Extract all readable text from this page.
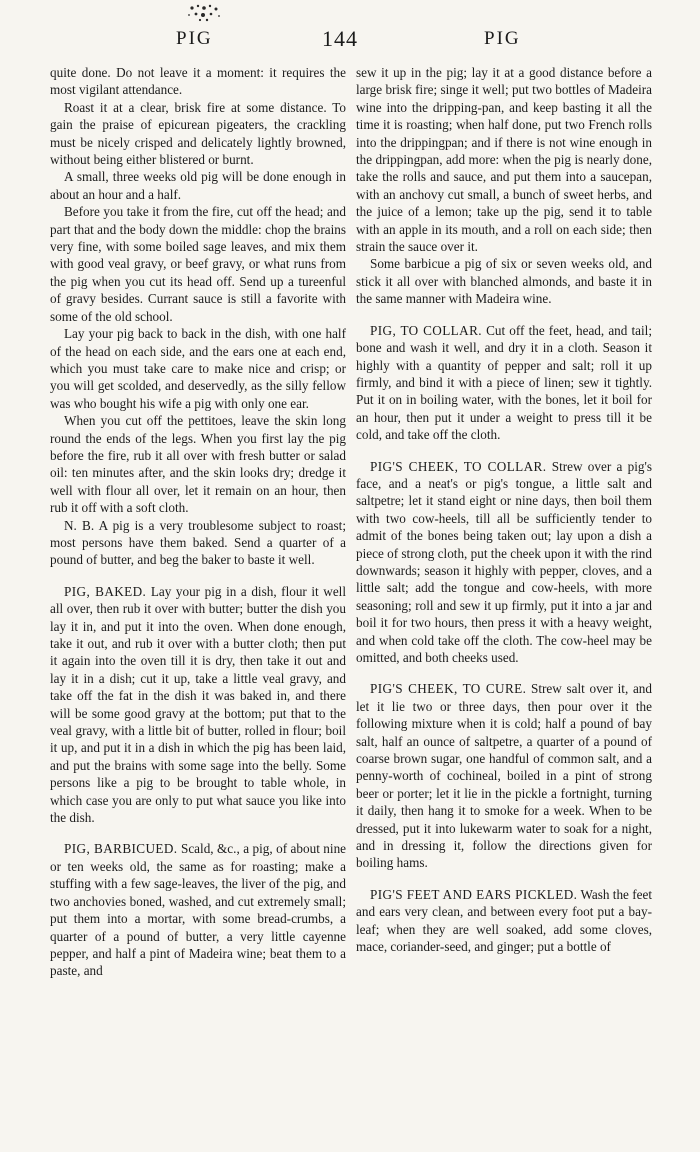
PIG	144	PIG

quite done. Do not leave it a moment: it requires the most vigilant attendance.

Roast it at a clear, brisk fire at some distance. To gain the praise of epicurean pigeaters, the crackling must be nicely crisped and delicately lightly browned, without being either blistered or burnt.

A small, three weeks old pig will be done enough in about an hour and a half.

Before you take it from the fire, cut off the head; and part that and the body down the middle: chop the brains very fine, with some boiled sage leaves, and mix them with good veal gravy, or beef gravy, or what runs from the pig when you cut its head off. Send up a tureenful of gravy besides. Currant sauce is still a favorite with some of the old school.

Lay your pig back to back in the dish, with one half of the head on each side, and the ears one at each end, which you must take care to make nice and crisp; or you will get scolded, and deservedly, as the silly fellow was who bought his wife a pig with only one ear.

When you cut off the pettitoes, leave the skin long round the ends of the legs. When you first lay the pig before the fire, rub it all over with fresh butter or salad oil: ten minutes after, and the skin looks dry; dredge it well with flour all over, let it remain on an hour, then rub it off with a soft cloth.

N. B. A pig is a very troublesome subject to roast; most persons have them baked. Send a quarter of a pound of butter, and beg the baker to baste it well.

PIG, BAKED. Lay your pig in a dish, flour it well all over, then rub it over with butter; butter the dish you lay it in, and put it into the oven. When done enough, take it out, and rub it over with a butter cloth; then put it again into the oven till it is dry, then take it out and lay it in a dish; cut it up, take a little veal gravy, and take off the fat in the dish it was baked in, and there will be some good gravy at the bottom; put that to the veal gravy, with a little bit of butter, rolled in flour; boil it up, and put it in a dish in which the pig has been laid, and put the brains with some sage into the belly. Some persons like a pig to be brought to table whole, in which case you are only to put what sauce you like into the dish.

PIG, BARBICUED. Scald, &c., a pig, of about nine or ten weeks old, the same as for roasting; make a stuffing with a few sage-leaves, the liver of the pig, and two anchovies boned, washed, and cut extremely small; put them into a mortar, with some bread-crumbs, a quarter of a pound of butter, a very little cayenne pepper, and half a pint of Madeira wine; beat them to a paste, and

sew it up in the pig; lay it at a good distance before a large brisk fire; singe it well; put two bottles of Madeira wine into the dripping-pan, and keep basting it all the time it is roasting; when half done, put two French rolls into the drippingpan; and if there is not wine enough in the drippingpan, add more: when the pig is nearly done, take the rolls and sauce, and put them into a saucepan, with an anchovy cut small, a bunch of sweet herbs, and the juice of a lemon; take up the pig, send it to table with an apple in its mouth, and a roll on each side; then strain the sauce over it.

Some barbicue a pig of six or seven weeks old, and stick it all over with blanched almonds, and baste it in the same manner with Madeira wine.

PIG, TO COLLAR. Cut off the feet, head, and tail; bone and wash it well, and dry it in a cloth. Season it highly with a quantity of pepper and salt; roll it up firmly, and bind it with a piece of linen; sew it tightly. Put it on in boiling water, with the bones, let it boil for an hour, then put it under a weight to press till it be cold, and take off the cloth.

PIG'S CHEEK, TO COLLAR. Strew over a pig's face, and a neat's or pig's tongue, a little salt and saltpetre; let it stand eight or nine days, then boil them with two cow-heels, till all be sufficiently tender to admit of the bones being taken out; lay upon a dish a piece of strong cloth, put the cheek upon it with the rind downwards; season it highly with pepper, cloves, and a little salt; add the tongue and cow-heels, with more seasoning; roll and sew it up firmly, put it into a jar and boil it for two hours, then press it with a heavy weight, and when cold take off the cloth. The cow-heel may be omitted, and both cheeks used.

PIG'S CHEEK, TO CURE. Strew salt over it, and let it lie two or three days, then pour over it the following mixture when it is cold; half a pound of bay salt, half an ounce of saltpetre, a quarter of a pound of coarse brown sugar, one handful of common salt, and a penny-worth of cochineal, boiled in a pint of strong beer or porter; let it lie in the pickle a fortnight, turning it daily, then hang it to smoke for a week. When to be dressed, put it into lukewarm water to soak for a night, and in dressing it, follow the directions given for boiling hams.

PIG'S FEET AND EARS PICKLED. Wash the feet and ears very clean, and between every foot put a bay-leaf; when they are well soaked, add some cloves, mace, coriander-seed, and ginger; put a bottle of
